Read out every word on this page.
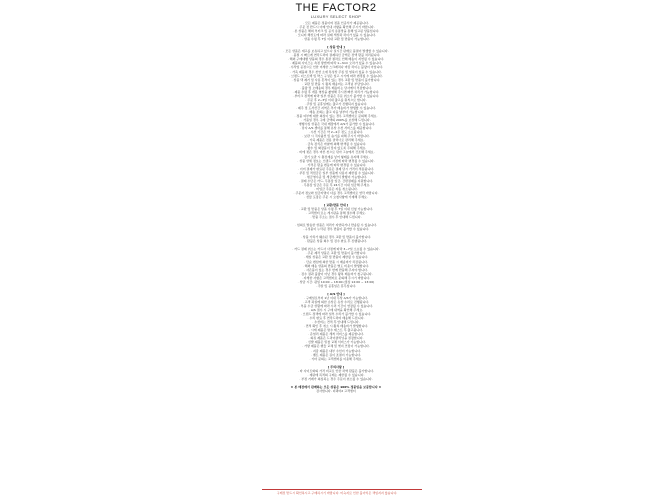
THE FACTOR2
LUXURY SELECT SHOP
· 모든 제품은 정품이며 정품 인증서가 제공됩니다.
· 주문 전 반드시 아래 안내 사항을 확인해 주시기 바랍니다.
· 본 상품은 해외 부티크 및 공식 유통망을 통해 입고된 상품입니다.
· 모니터 해상도에 따라 실제 색상과 차이가 있을 수 있습니다.
· 상품 수령 후 7일 이내 교환 및 반품이 가능합니다.
[ 상품 안내 ]
· 모든 상품은 재고를 보유하고 있으나 실시간 판매로 품절이 발생할 수 있습니다.
· 품절 시 빠르게 연락드리며 결제하신 금액은 전액 환불 처리됩니다.
· 해외 구매대행 상품의 경우 통관 절차로 인해 배송이 지연될 수 있습니다.
· 제품의 사이즈는 측정 방법에 따라 1~3cm 오차가 있을 수 있습니다.
· 수작업 공정으로 인한 미세한 스크래치나 마감 차이는 불량이 아닙니다.
· 가죽 제품의 경우 천연 소재 특성상 주름 및 얼룩이 있을 수 있습니다.
· 브랜드 더스트백 및 박스 구성은 입고 시기에 따라 변경될 수 있습니다.
· 상품 택 제거 및 사용 흔적이 있는 경우 교환 및 반품이 불가합니다.
· 교환 및 반품 시 왕복 배송비는 고객님 부담입니다.
· 불량 및 오배송의 경우 배송비는 당사에서 부담합니다.
· 제품 수령 후 개봉 영상을 촬영해 주시면 빠른 처리가 가능합니다.
· 부티크 정책에 따라 일부 상품은 주문 취소가 불가할 수 있습니다.
· 주문 후 2~3일 이내 출고를 원칙으로 합니다.
· 주말 및 공휴일에는 출고가 진행되지 않습니다.
· 제주 및 도서산간 지역은 추가 배송비가 발생할 수 있습니다.
· 배송 조회는 출고 다음 날부터 가능합니다.
· 정품 여부에 대한 의심이 있는 경우 고객센터로 문의해 주세요.
· 가품일 경우 구매 금액의 200%를 보상해 드립니다.
· 병행수입 상품은 국내 매장에서 A/S가 불가할 수 있습니다.
· 당사 A/S 센터를 통해 유상 수선 서비스를 제공합니다.
· 수선 기간은 약 2~4주 정도 소요됩니다.
· 보관 시 직사광선 및 습기를 피해 주시기 바랍니다.
· 가죽 제품은 전용 클리너로 관리해 주세요.
· 금속 장식은 마찰에 의해 변색될 수 있습니다.
· 향수 및 화장품이 닿지 않도록 주의해 주세요.
· 비에 젖은 경우 마른 천으로 닦아 그늘에서 건조해 주세요.
· 장기 보관 시 충전재를 넣어 형태를 유지해 주세요.
· 상품 상세 정보는 브랜드 사정에 따라 변경될 수 있습니다.
· 가격은 환율 변동에 따라 변경될 수 있습니다.
· 이미 결제가 완료된 주문은 결제 당시 가격이 적용됩니다.
· 쿠폰 및 적립금은 일부 상품에 사용이 제한될 수 있습니다.
· 현금영수증 및 세금계산서 발행이 가능합니다.
· 결제 수단은 카드, 무통장 입금, 간편결제를 지원합니다.
· 무통장 입금은 주문 후 24시간 이내 입금해 주세요.
· 미입금 주문은 자동 취소됩니다.
· 주문자 정보와 입금자명이 다를 경우 고객센터로 연락 바랍니다.
· 선물 포장은 주문 시 요청사항에 기재해 주세요.
[ 교환/반품 안내 ]
· 교환 및 반품은 상품 수령 후 7일 이내 신청 가능합니다.
· 고객센터 또는 게시판을 통해 접수해 주세요.
· 반품 주소는 접수 후 안내해 드립니다.
· 임의로 발송한 상품은 처리가 지연되거나 반송될 수 있습니다.
· 구성품이 누락된 경우 반품이 불가할 수 있습니다.
· 상품 가치가 훼손된 경우 교환 및 반품이 불가합니다.
· 환불은 상품 회수 및 검수 완료 후 진행됩니다.
· 카드 결제 취소는 카드사 사정에 따라 3~7일 소요될 수 있습니다.
· 주문 제작 상품은 교환 및 반품이 불가합니다.
· 세일 상품은 교환 및 반품이 제한될 수 있습니다.
· 단순 변심에 의한 반품 시 배송비가 차감됩니다.
· 해외 배송 상품의 반품은 별도 비용이 발생합니다.
· 사은품이 있는 경우 함께 반품해 주셔야 합니다.
· 검수 결과 불량이 아닌 경우 왕복 배송비가 청구됩니다.
· 자세한 사항은 고객센터로 문의해 주시기 바랍니다.
· 상담 시간: 평일 10:00 ~ 18:00 (점심 12:00 ~ 13:00)
· 주말 및 공휴일은 휴무입니다.
[ A/S 안내 ]
· 구매일로부터 1년 이내 무상 A/S가 가능합니다.
· 고객 과실에 의한 손상은 유상 수리로 진행됩니다.
· 부품 수급 상황에 따라 수리 기간이 연장될 수 있습니다.
· A/S 접수 시 구매 내역을 확인해 주세요.
· 브랜드 정책에 따라 일부 수리가 불가할 수 있습니다.
· 수리 완료 후 연락드리며 배송해 드립니다.
· 수선비는 견적 후 안내해 드립니다.
· 견적 확인 후 취소 시 왕복 배송비가 발생합니다.
· 시계 제품은 방수 테스트 후 출고됩니다.
· 쥬얼리 제품은 세척 서비스를 제공합니다.
· 의류 제품은 드라이클리닝을 권장합니다.
· 신발 제품은 밑창 교체 서비스가 가능합니다.
· 가방 제품은 핸들 교체 및 엣지 코팅이 가능합니다.
· 지갑 제품은 내부 수선이 가능합니다.
· 벨트 제품은 길이 조절이 가능합니다.
· 기타 문의는 고객센터를 이용해 주세요.
[ 주의사항 ]
· 타 사이트와의 가격 비교로 인한 차액 환불은 불가합니다.
· 재판매 목적의 구매는 제한될 수 있습니다.
· 부정 거래가 의심되는 경우 주문이 취소될 수 있습니다.
★ 본 매장에서 판매하는 모든 상품은 100% 정품임을 보증합니다 ★
감사합니다. 더팩터2 고객센터
구매전 반드시 확인하시고 구매하시기 바랍니다. 미숙지로 인한 불이익은 책임지지 않습니다.
